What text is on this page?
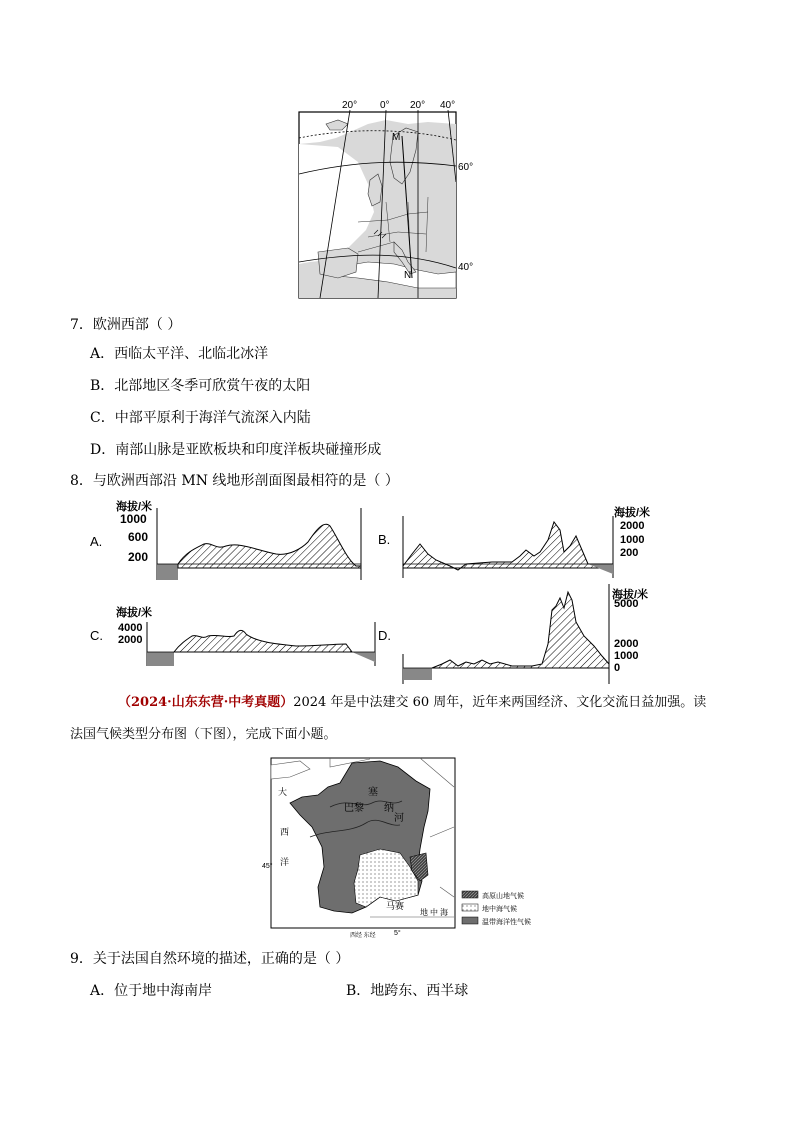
20° 0° 20° 40°
60°
40°
M
N
7．欧洲西部（ ）
A．西临太平洋、北临北冰洋
B．北部地区冬季可欣赏午夜的太阳
C．中部平原利于海洋气流深入内陆
D．南部山脉是亚欧板块和印度洋板块碰撞形成
8．与欧洲西部沿 MN 线地形剖面图最相符的是（ ）
A.
海拔/米
1000
600
200
B.
海拔/米
2000
1000
200
C.
海拔/米
4000
2000	D.
海拔/米
5000
2000
1000
0
（2024·山东东营·中考真题）2024 年是中法建交 60 周年，近年来两国经济、文化交流日益加强。读
法国气候类型分布图（下图），完成下面小题。
大
西
洋
塞
纳
河
巴黎
马赛
地 中 海
45°
5°
西经 东经
高原山地气候
地中海气候
温带海洋性气候
9．关于法国自然环境的描述，正确的是（ ）
A．位于地中海南岸	B．地跨东、西半球
